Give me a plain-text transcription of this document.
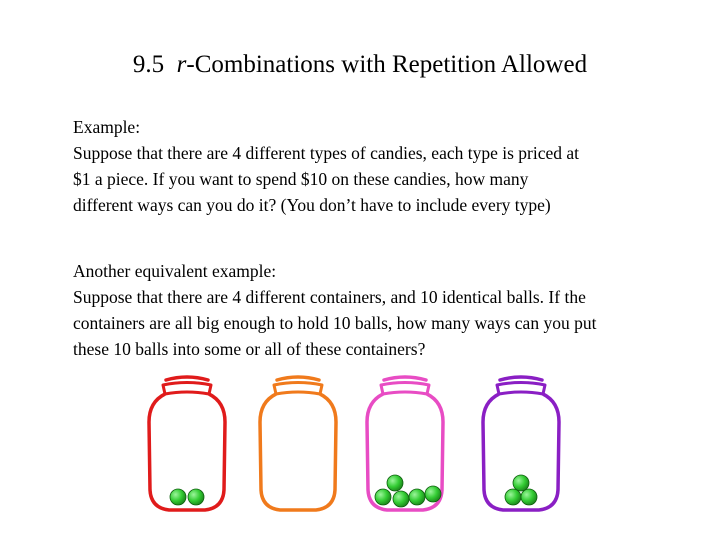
9.5 r-Combinations with Repetition Allowed

Example:

Suppose that there are 4 different types of candies, each type is priced at

$1 a piece. If you want to spend $10 on these candies, how many

different ways can you do it? (You don’t have to include every type)

Another equivalent example:

Suppose that there are 4 different containers, and 10 identical balls. If the

containers are all big enough to hold 10 balls, how many ways can you put

these 10 balls into some or all of these containers?
